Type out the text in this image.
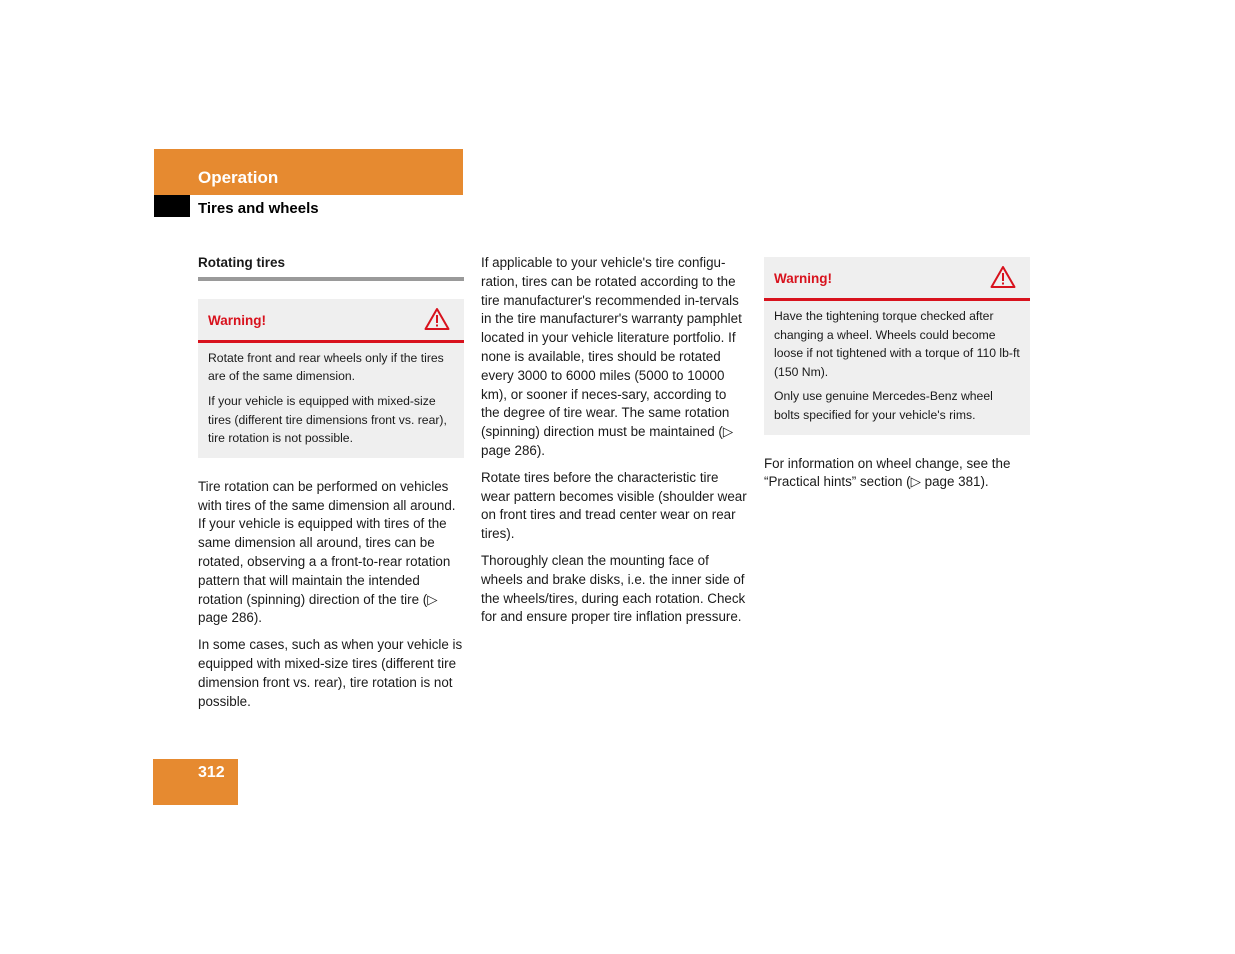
Operation
Tires and wheels
Rotating tires
Warning!

Rotate front and rear wheels only if the tires are of the same dimension.

If your vehicle is equipped with mixed-size tires (different tire dimensions front vs. rear), tire rotation is not possible.

Tire rotation can be performed on vehicles with tires of the same dimension all around. If your vehicle is equipped with tires of the same dimension all around, tires can be rotated, observing a a front-to-rear rotation pattern that will maintain the intended rotation (spinning) direction of the tire (▷ page 286).

In some cases, such as when your vehicle is equipped with mixed-size tires (different tire dimension front vs. rear), tire rotation is not possible.

If applicable to your vehicle's tire configu-ration, tires can be rotated according to the tire manufacturer's recommended in-tervals in the tire manufacturer's warranty pamphlet located in your vehicle literature portfolio. If none is available, tires should be rotated every 3000 to 6000 miles (5000 to 10000 km), or sooner if neces-sary, according to the degree of tire wear. The same rotation (spinning) direction must be maintained (▷ page 286).

Rotate tires before the characteristic tire wear pattern becomes visible (shoulder wear on front tires and tread center wear on rear tires).

Thoroughly clean the mounting face of wheels and brake disks, i.e. the inner side of the wheels/tires, during each rotation. Check for and ensure proper tire inflation pressure.

Warning!

Have the tightening torque checked after changing a wheel. Wheels could become loose if not tightened with a torque of 110 lb-ft (150 Nm).

Only use genuine Mercedes-Benz wheel bolts specified for your vehicle's rims.

For information on wheel change, see the “Practical hints” section (▷ page 381).

312
